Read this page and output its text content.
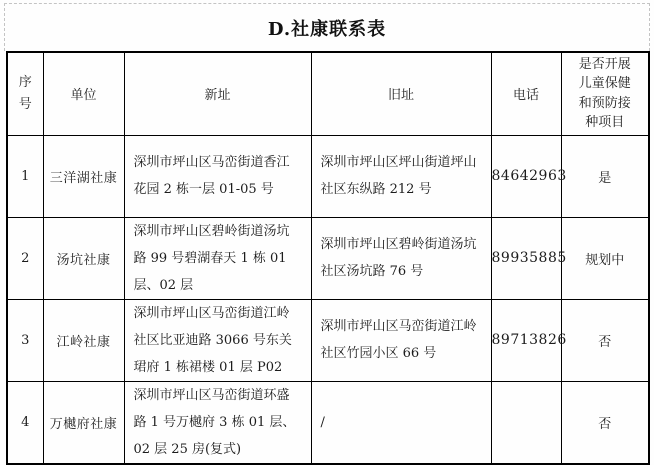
D.社康联系表
序号	单位	新址	旧址	电话	是否开展儿童保健和预防接种项目
1	三洋湖社康	深圳市坪山区马峦街道香江花园 2 栋一层 01-05 号	深圳市坪山区坪山街道坪山社区东纵路 212 号	84642963	是
2	汤坑社康	深圳市坪山区碧岭街道汤坑路 99 号碧湖春天 1 栋 01 层、02 层	深圳市坪山区碧岭街道汤坑社区汤坑路 76 号	89935885	规划中
3	江岭社康	深圳市坪山区马峦街道江岭社区比亚迪路 3066 号东关珺府 1 栋裙楼 01 层 P02	深圳市坪山区马峦街道江岭社区竹园小区 66 号	89713826	否
4	万樾府社康	深圳市坪山区马峦街道环盛路 1 号万樾府 3 栋 01 层、02 层 25 房(复式)	/		否
